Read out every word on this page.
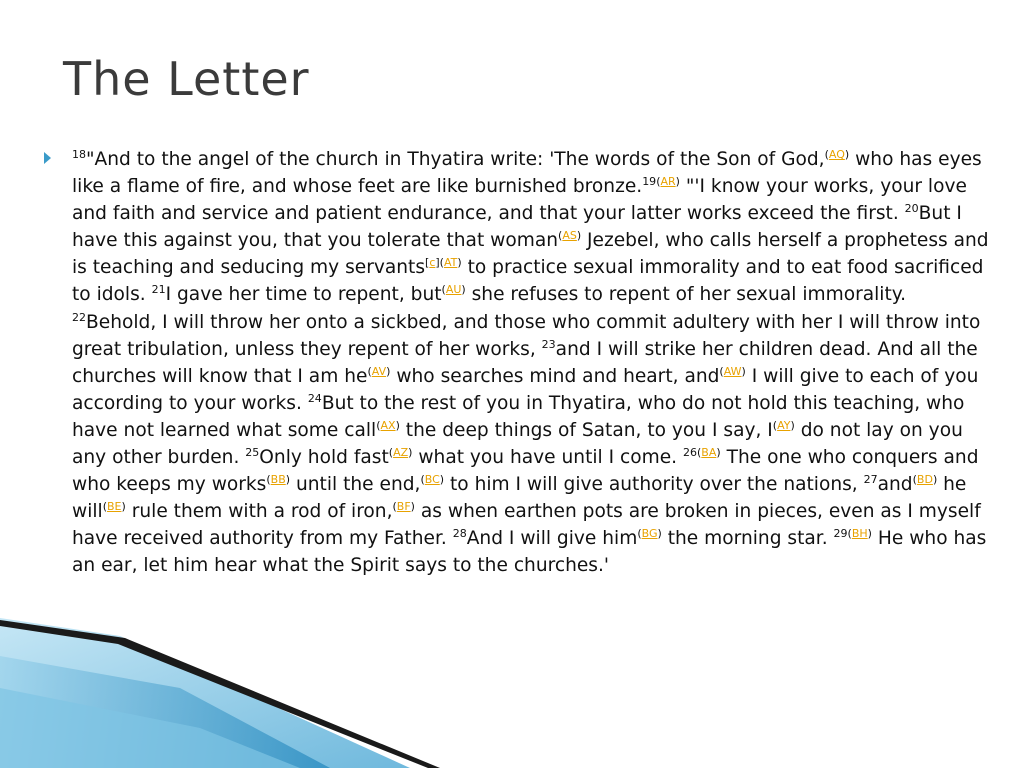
The Letter

$^{18}$"And to the angel of the church in Thyatira write: 'The words of the Son of God,$^{(AQ)}$ who has eyes like a flame of fire, and whose feet are like burnished bronze.$^{19(AR)}$ "'I know your works, your love and faith and service and patient endurance, and that your latter works exceed the first. $^{20}$But I have this against you, that you tolerate that woman$^{(AS)}$ Jezebel, who calls herself a prophetess and is teaching and seducing my servants$^{[c](AT)}$ to practice sexual immorality and to eat food sacrificed to idols. $^{21}$I gave her time to repent, but$^{(AU)}$ she refuses to repent of her sexual immorality. $^{22}$Behold, I will throw her onto a sickbed, and those who commit adultery with her I will throw into great tribulation, unless they repent of her works, $^{23}$and I will strike her children dead. And all the churches will know that I am $he^{(AV)}$ who searches mind and heart, and$^{(AW)}$ I will give to each of you according to your works. $^{24}$But to the rest of you in Thyatira, who do not hold this teaching, who have not learned what some call$^{(AX)}$ the deep things of Satan, to you I say, $I^{(AY)}$ do not lay on you any other burden. $^{25}$Only hold fast$^{(AZ)}$ what you have until I come. $^{26(BA)}$ The one who conquers and who keeps my works$^{(BB)}$ until the end,$^{(BC)}$ to him I will give authority over the nations, $^{27}$and$^{(BD)}$ he will$^{(BE)}$ rule them with a rod of iron,$^{(BF)}$ as when earthen pots are broken in pieces, even as I myself have received authority from my Father. $^{28}$And I will give him$^{(BG)}$ the morning star. $^{29(BH)}$ He who has an ear, let him hear what the Spirit says to the churches.'
